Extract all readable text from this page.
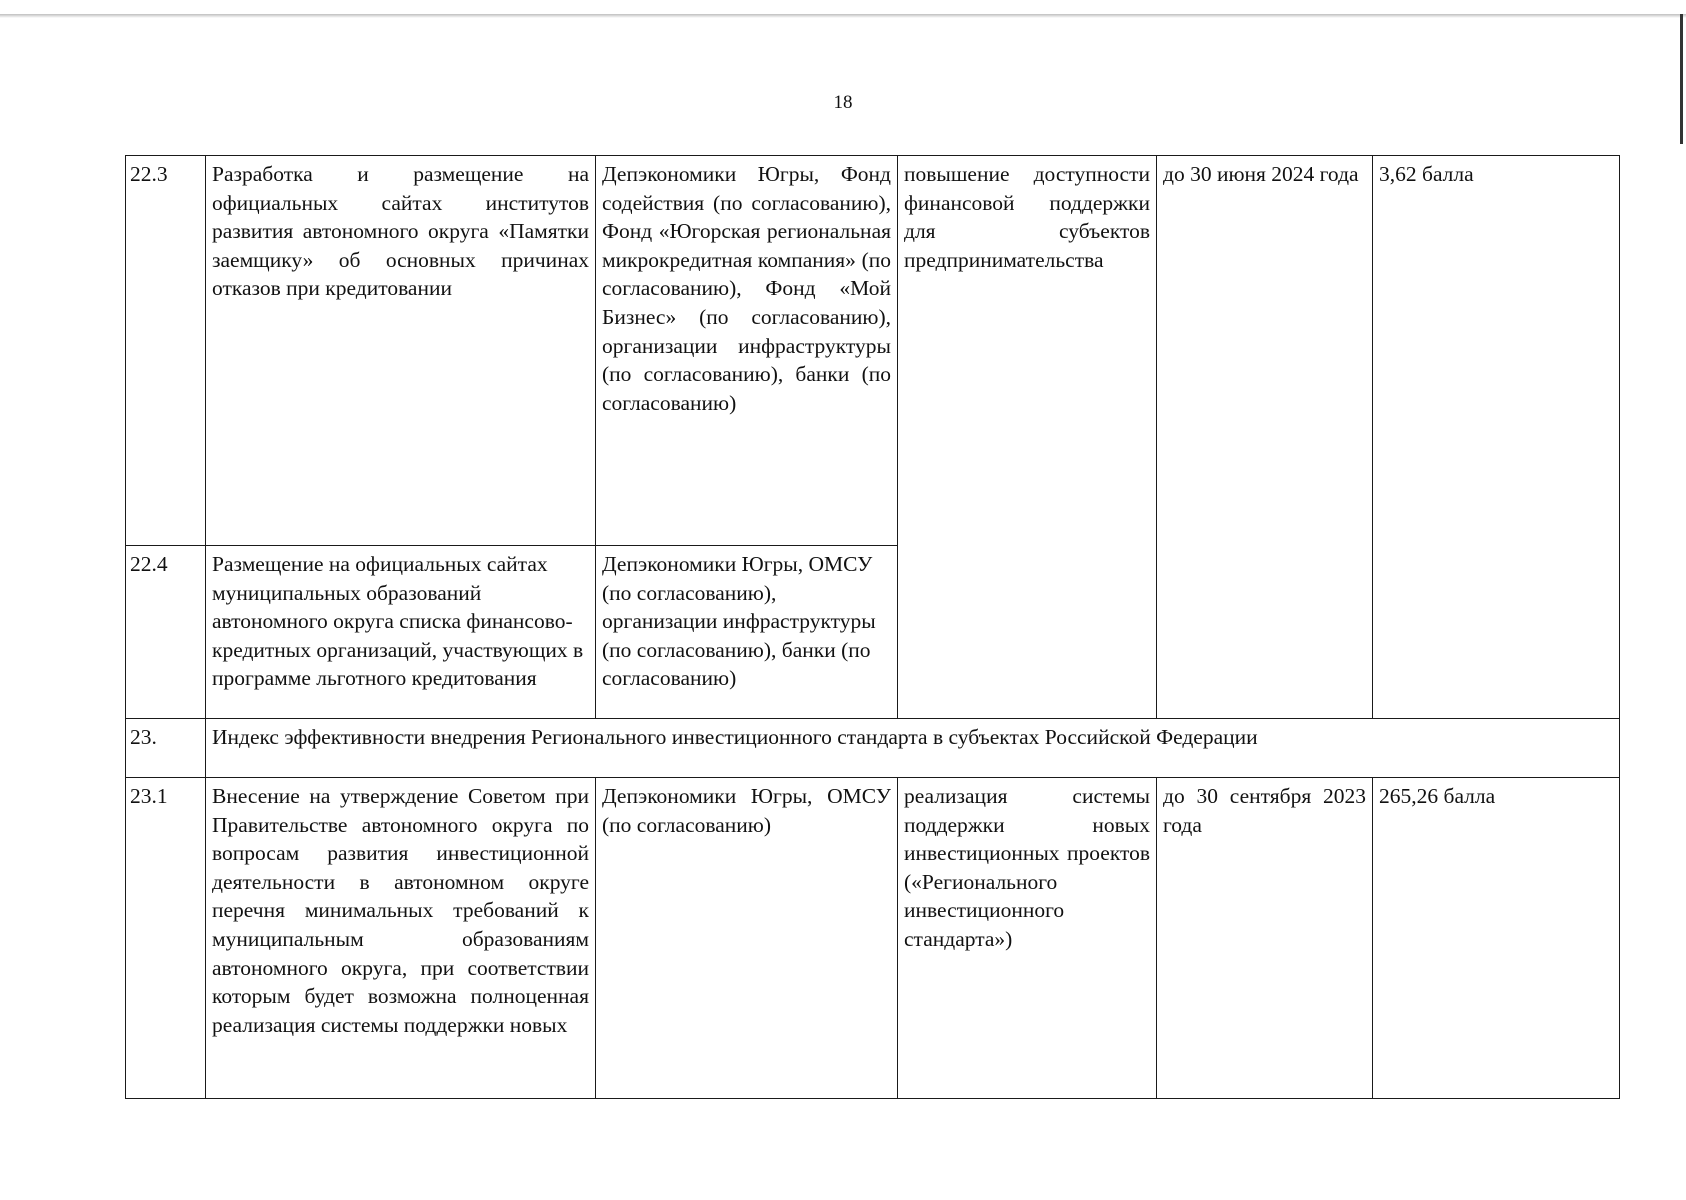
18
22.3	Разработка и размещение на официальных сайтах институтов развития автономного округа «Памятки заемщику» об основных причинах отказов при кредитовании	Депэкономики Югры, Фонд содействия (по согласованию), Фонд «Югорская региональная микрокредитная компания» (по согласованию), Фонд «Мой Бизнес» (по согласованию), организации инфраструктуры (по согласованию), банки (по согласованию)	повышение доступности финансовой поддержки для субъектов предпринимательства	до 30 июня 2024 года	3,62 балла
22.4	Размещение на официальных сайтах муниципальных образований автономного округа списка финансово-кредитных организаций, участвующих в программе льготного кредитования	Депэкономики Югры, ОМСУ (по согласованию), организации инфраструктуры (по согласованию), банки (по согласованию)			
23.	Индекс эффективности внедрения Регионального инвестиционного стандарта в субъектах Российской Федерации				
23.1	Внесение на утверждение Советом при Правительстве автономного округа по вопросам развития инвестиционной деятельности в автономном округе перечня минимальных требований к муниципальным образованиям автономного округа, при соответствии которым будет возможна полноценная реализация системы поддержки новых	Депэкономики Югры, ОМСУ (по согласованию)	реализация системы поддержки новых инвестиционных проектов («Регионального инвестиционного стандарта»)	до 30 сентября 2023 года	265,26 балла
